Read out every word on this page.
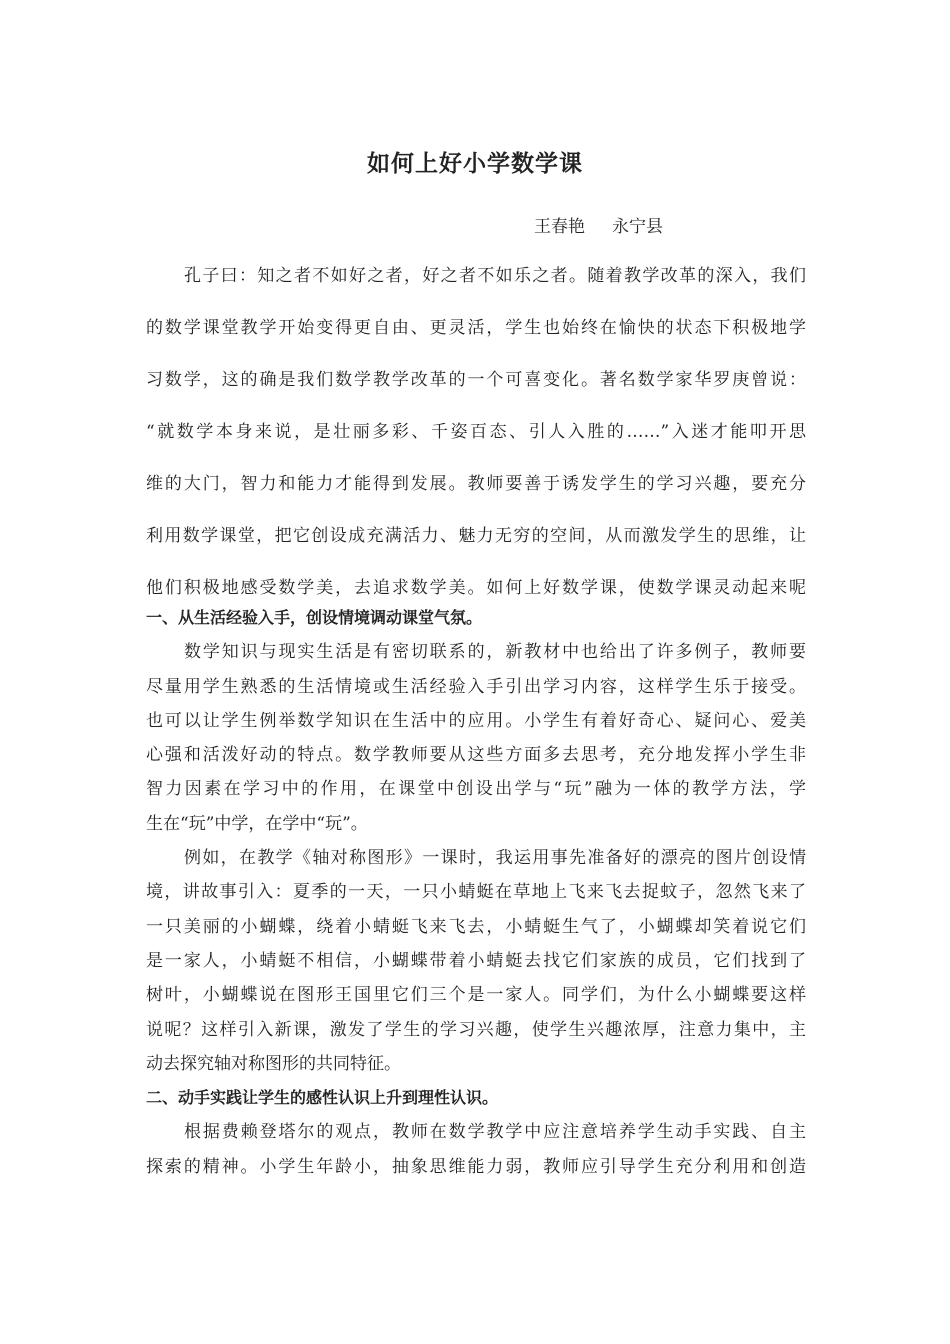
如何上好小学数学课
王春艳 永宁县
孔子曰：知之者不如好之者，好之者不如乐之者。随着教学改革的深入，我们
的数学课堂教学开始变得更自由、更灵活，学生也始终在愉快的状态下积极地学
习数学，这的确是我们数学教学改革的一个可喜变化。著名数学家华罗庚曾说：
“就数学本身来说，是壮丽多彩、千姿百态、引人入胜的……”入迷才能叩开思
维的大门，智力和能力才能得到发展。教师要善于诱发学生的学习兴趣，要充分
利用数学课堂，把它创设成充满活力、魅力无穷的空间，从而激发学生的思维，让
他们积极地感受数学美，去追求数学美。如何上好数学课，使数学课灵动起来呢
一、从生活经验入手，创设情境调动课堂气氛。
数学知识与现实生活是有密切联系的，新教材中也给出了许多例子，教师要
尽量用学生熟悉的生活情境或生活经验入手引出学习内容，这样学生乐于接受。
也可以让学生例举数学知识在生活中的应用。小学生有着好奇心、疑问心、爱美
心强和活泼好动的特点。数学教师要从这些方面多去思考，充分地发挥小学生非
智力因素在学习中的作用，在课堂中创设出学与“玩”融为一体的教学方法，学
生在“玩”中学，在学中“玩”。
例如，在教学《轴对称图形》一课时，我运用事先准备好的漂亮的图片创设情
境，讲故事引入：夏季的一天，一只小蜻蜓在草地上飞来飞去捉蚊子，忽然飞来了
一只美丽的小蝴蝶，绕着小蜻蜓飞来飞去，小蜻蜓生气了，小蝴蝶却笑着说它们
是一家人，小蜻蜓不相信，小蝴蝶带着小蜻蜓去找它们家族的成员，它们找到了
树叶，小蝴蝶说在图形王国里它们三个是一家人。同学们，为什么小蝴蝶要这样
说呢？这样引入新课，激发了学生的学习兴趣，使学生兴趣浓厚，注意力集中，主
动去探究轴对称图形的共同特征。
二、动手实践让学生的感性认识上升到理性认识。
根据费赖登塔尔的观点，教师在数学教学中应注意培养学生动手实践、自主
探索的精神。小学生年龄小，抽象思维能力弱，教师应引导学生充分利用和创造
